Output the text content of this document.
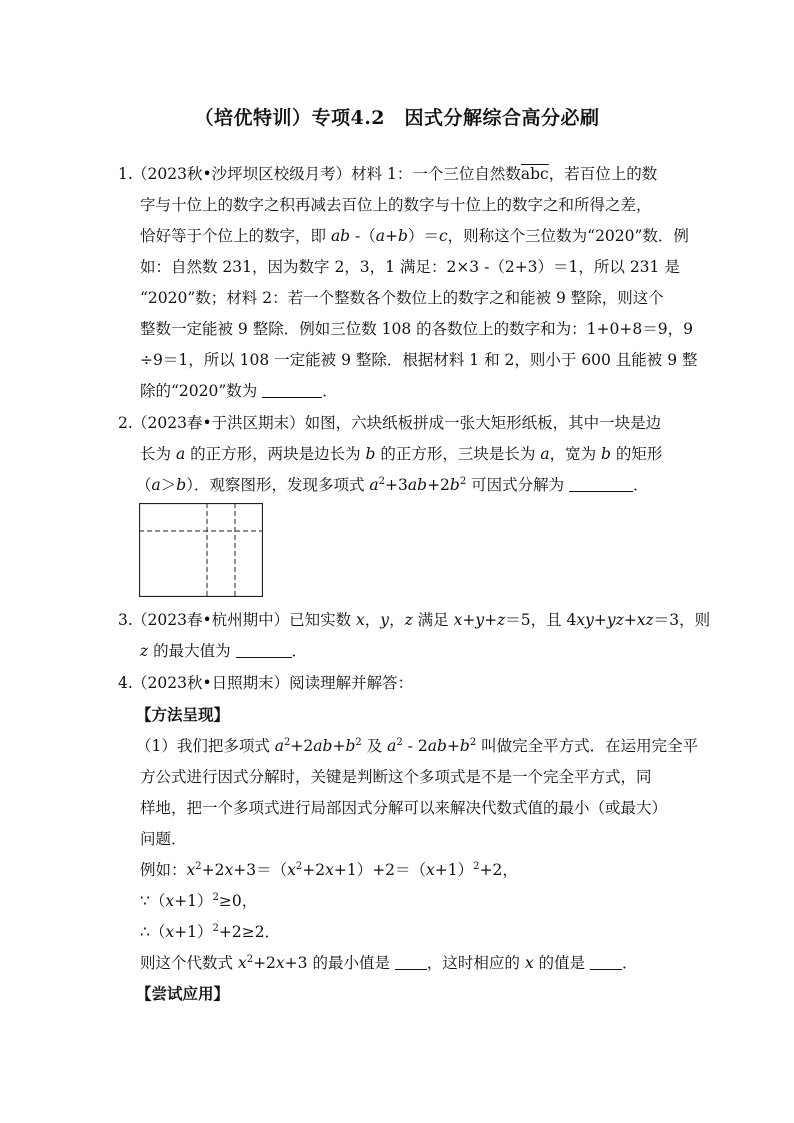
（培优特训）专项4.2　因式分解综合高分必刷
1. （2023秋•沙坪坝区校级月考）材料 1：一个三位自然数$\overline{abc}$，若百位上的数
字与十位上的数字之积再减去百位上的数字与十位上的数字之和所得之差，
恰好等于个位上的数字，即 ab -（a+b）＝c，则称这个三位数为“2020”数．例
如：自然数 231，因为数字 2，3，1 满足：2×3 -（2+3）＝1，所以 231 是
“2020”数；材料 2：若一个整数各个数位上的数字之和能被 9 整除，则这个
整数一定能被 9 整除．例如三位数 108 的各数位上的数字和为：1+0+8＝9，9
÷9＝1，所以 108 一定能被 9 整除．根据材料 1 和 2，则小于 600 且能被 9 整
除的“2020”数为	．
2. （2023春•于洪区期末）如图，六块纸板拼成一张大矩形纸板，其中一块是边
长为 a 的正方形，两块是边长为 b 的正方形，三块是长为 a，宽为 b 的矩形
（a＞b）．观察图形，发现多项式 $a^2+3ab+2b^2$ 可因式分解为	．
3. （2023春•杭州期中）已知实数 x，y，z 满足 x+y+z＝5，且 4xy+yz+xz＝3，则
z 的最大值为	．
4. （2023秋•日照期末）阅读理解并解答：
【方法呈现】
（1）我们把多项式 $a^2+2ab+b^2$ 及 $a^2 - 2ab+b^2$ 叫做完全平方式．在运用完全平
方公式进行因式分解时，关键是判断这个多项式是不是一个完全平方式，同
样地，把一个多项式进行局部因式分解可以来解决代数式值的最小（或最大）
问题．
例如：$x^2+2x+3=(x^2+2x+1)+2=(x+1)^2+2$，
$\because(x+1)^2\ge 0$，
$\therefore(x+1)^2+2\ge 2$．
则这个代数式 $x^2+2x+3$ 的最小值是 ，这时相应的 x 的值是 ．
【尝试应用】
